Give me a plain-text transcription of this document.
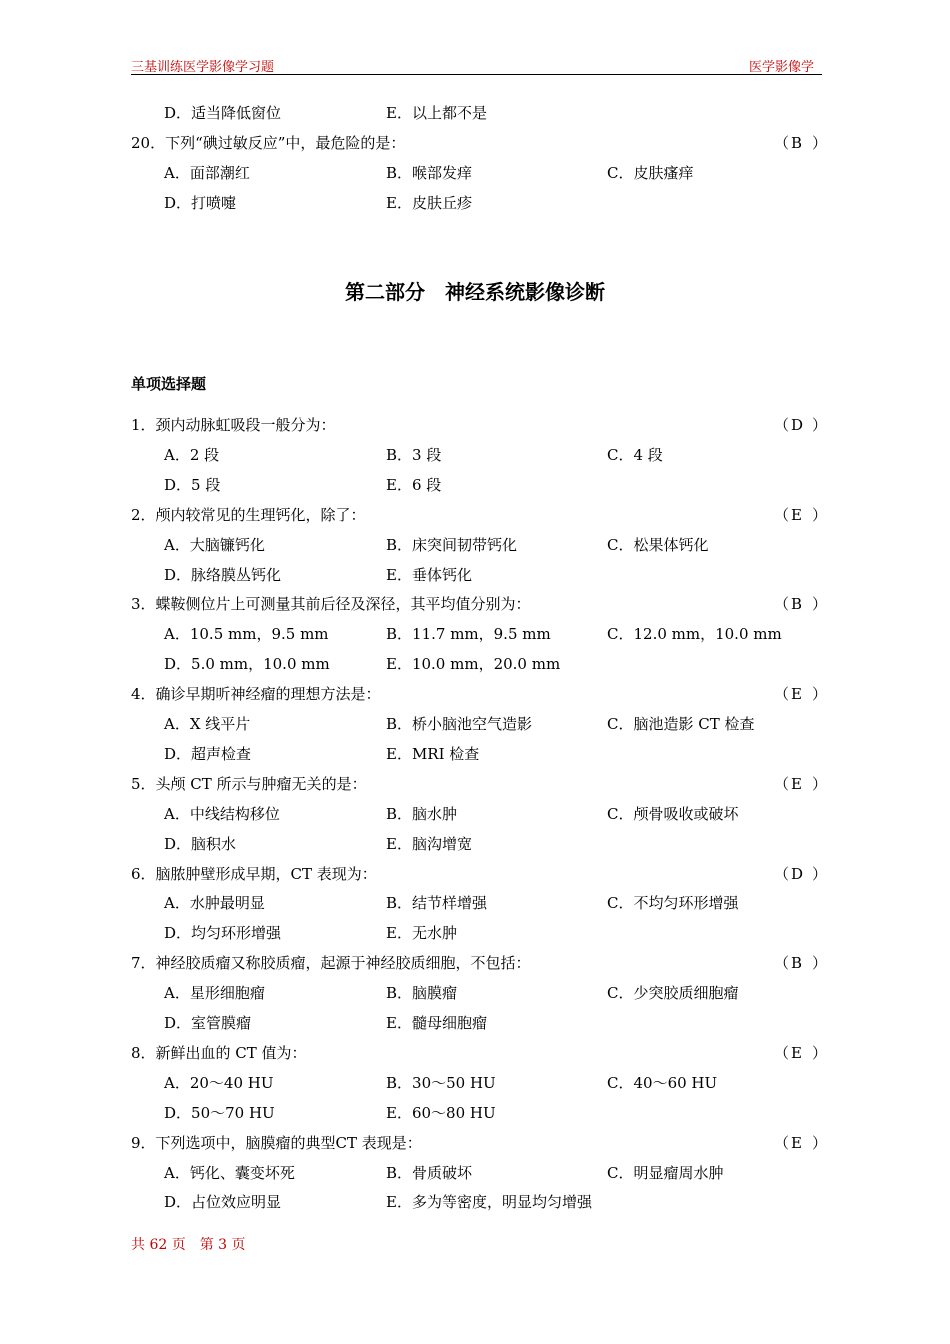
三基训练医学影像学习题	医学影像学
D．适当降低窗位	E．以上都不是
20．下列“碘过敏反应”中，最危险的是：	（ B ）
A．面部潮红	B．喉部发痒	C．皮肤瘙痒
D．打喷嚏	E．皮肤丘疹
第二部分　神经系统影像诊断
单项选择题
1．颈内动脉虹吸段一般分为：	（ D ）
A．2 段	B．3 段	C．4 段
D．5 段	E．6 段
2．颅内较常见的生理钙化，除了：	（ E ）
A．大脑镰钙化	B．床突间韧带钙化	C．松果体钙化
D．脉络膜丛钙化	E．垂体钙化
3．蝶鞍侧位片上可测量其前后径及深径，其平均值分别为：	（ B ）
A．10.5 mm，9.5 mm	B．11.7 mm，9.5 mm	C．12.0 mm，10.0 mm
D．5.0 mm，10.0 mm	E．10.0 mm，20.0 mm
4．确诊早期听神经瘤的理想方法是：	（ E ）
A．X 线平片	B．桥小脑池空气造影	C．脑池造影 CT 检查
D．超声检查	E．MRI 检查
5．头颅 CT 所示与肿瘤无关的是：	（ E ）
A．中线结构移位	B．脑水肿	C．颅骨吸收或破坏
D．脑积水	E．脑沟增宽
6．脑脓肿壁形成早期，CT 表现为：	（ D ）
A．水肿最明显	B．结节样增强	C．不均匀环形增强
D．均匀环形增强	E．无水肿
7．神经胶质瘤又称胶质瘤，起源于神经胶质细胞，不包括：	（ B ）
A．星形细胞瘤	B．脑膜瘤	C．少突胶质细胞瘤
D．室管膜瘤	E．髓母细胞瘤
8．新鲜出血的 CT 值为：	（ E ）
A．20～40 HU	B．30～50 HU	C．40～60 HU
D．50～70 HU	E．60～80 HU
9．下列选项中，脑膜瘤的典型CT 表现是：	（ E ）
A．钙化、囊变坏死	B．骨质破坏	C．明显瘤周水肿
D．占位效应明显	E．多为等密度，明显均匀增强
共 62 页　第 3 页
